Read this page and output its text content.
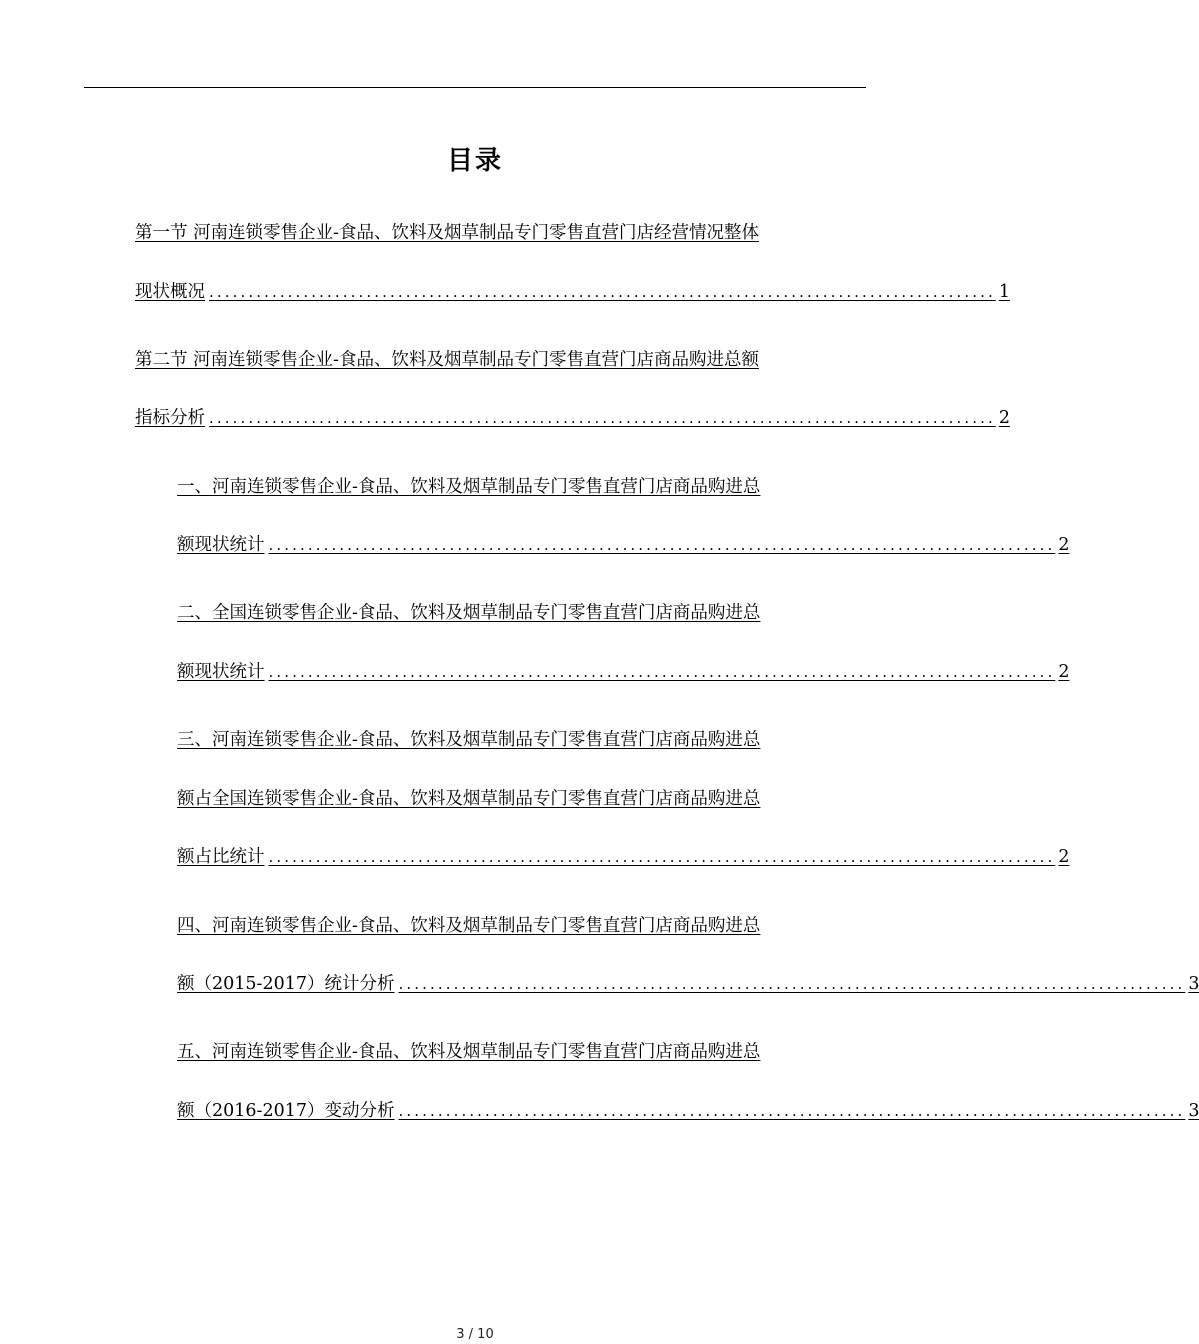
目录
第一节 河南连锁零售企业-食品、饮料及烟草制品专门零售直营门店经营情况整体
现状概况 .................................................................................................... 1
第二节 河南连锁零售企业-食品、饮料及烟草制品专门零售直营门店商品购进总额
指标分析 .................................................................................................... 2
一、河南连锁零售企业-食品、饮料及烟草制品专门零售直营门店商品购进总
额现状统计 .................................................................................................... 2
二、全国连锁零售企业-食品、饮料及烟草制品专门零售直营门店商品购进总
额现状统计 .................................................................................................... 2
三、河南连锁零售企业-食品、饮料及烟草制品专门零售直营门店商品购进总
额占全国连锁零售企业-食品、饮料及烟草制品专门零售直营门店商品购进总
额占比统计 .................................................................................................... 2
四、河南连锁零售企业-食品、饮料及烟草制品专门零售直营门店商品购进总
额（2015-2017）统计分析 .................................................................................................... 3
五、河南连锁零售企业-食品、饮料及烟草制品专门零售直营门店商品购进总
额（2016-2017）变动分析 .................................................................................................... 3
3 / 10
